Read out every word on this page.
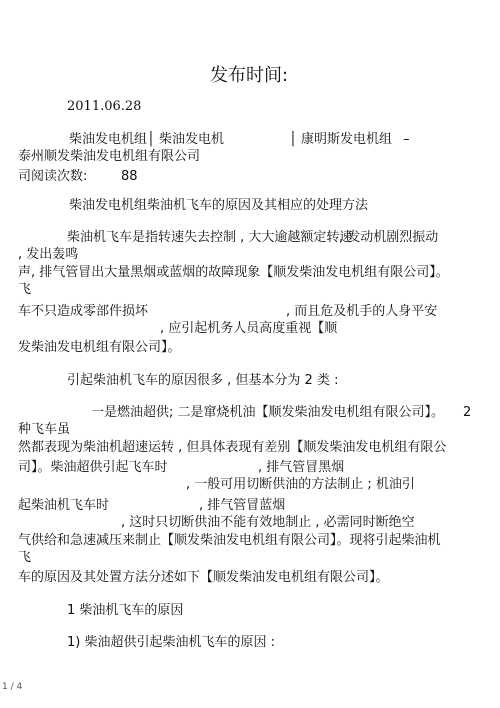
发布时间:
2011.06.28
柴油发电机组│ 柴油发电机	│ 康明斯发电机组 –
泰州顺发柴油发电机组有限公司
司阅读次数:	88
柴油发电机组柴油机飞车的原因及其相应的处理方法
柴油机飞车是指转速失去控制 , 大大逾越额定转速
, 发动机剧烈振动
, 发出轰鸣
声, 排气管冒出大量黑烟或蓝烟的故障现象【顺发柴油发电机组有限公司】。
飞
车不只造成零部件损坏	, 而且危及机手的人身平安
, 应引起机务人员高度重视【顺
发柴油发电机组有限公司】。
引起柴油机飞车的原因很多 , 但基本分为 2 类 :
一是燃油超供; 二是窜烧机油【顺发柴油发电机组有限公司】。 2
种飞车虽
然都表现为柴油机超速运转 , 但具体表现有差别【顺发柴油发电机组有限公
司】。柴油超供引起飞车时	, 排气管冒黑烟
, 一般可用切断供油的方法制止 ; 机油引
起柴油机飞车时	, 排气管冒蓝烟
, 这时只切断供油不能有效地制止 , 必需同时断绝空
气供给和急速减压来制止【顺发柴油发电机组有限公司】。现将引起柴油机
飞
车的原因及其处置方法分述如下【顺发柴油发电机组有限公司】。
1 柴油机飞车的原因
1) 柴油超供引起柴油机飞车的原因 :
1 / 4
